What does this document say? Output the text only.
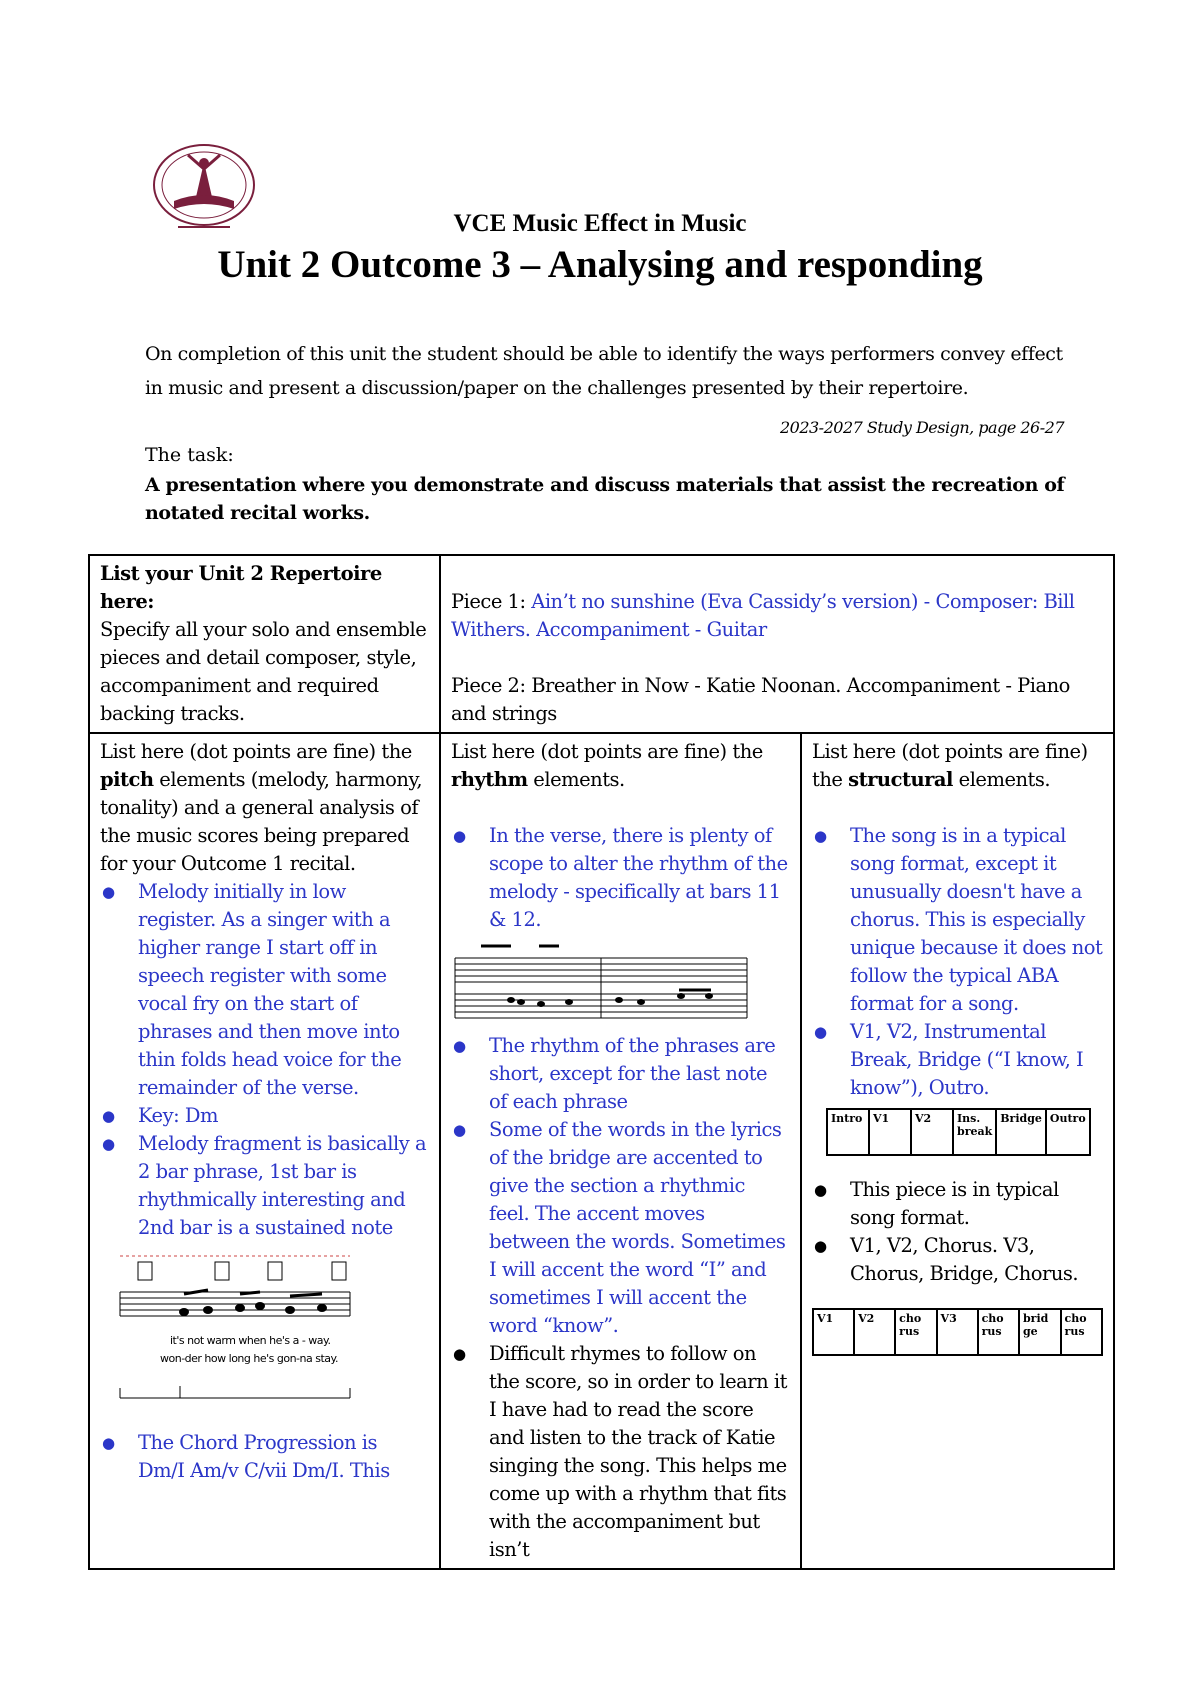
VCE Music Effect in Music
Unit 2 Outcome 3 – Analysing and responding
On completion of this unit the student should be able to identify the ways performers convey effect in music and present a discussion/paper on the challenges presented by their repertoire.
2023-2027 Study Design, page 26-27
The task:
A presentation where you demonstrate and discuss materials that assist the recreation of notated recital works.
List your Unit 2 Repertoire here:
Specify all your solo and ensemble pieces and detail composer, style, accompaniment and required backing tracks.	
Piece 1: Ain’t no sunshine (Eva Cassidy’s version) - Composer: Bill Withers. Accompaniment - Guitar
Piece 2: Breather in Now - Katie Noonan. Accompaniment - Piano and strings

List here (dot points are fine) the pitch elements (melody, harmony, tonality) and a general analysis of the music scores being prepared for your Outcome 1 recital.
● Melody initially in low register. As a singer with a higher range I start off in speech register with some vocal fry on the start of phrases and then move into thin folds head voice for the remainder of the verse.
● Key: Dm
● Melody fragment is basically a 2 bar phrase, 1st bar is rhythmically interesting and 2nd bar is a sustained note
it's not warm when he's a - way.
won-der how long he's gon-na stay.
● The Chord Progression is Dm/I Am/v C/vii Dm/I. This

List here (dot points are fine) the rhythm elements.
● In the verse, there is plenty of scope to alter the rhythm of the melody - specifically at bars 11 & 12.
● The rhythm of the phrases are short, except for the last note of each phrase
● Some of the words in the lyrics of the bridge are accented to give the section a rhythmic feel. The accent moves between the words. Sometimes I will accent the word “I” and sometimes I will accent the word “know”.
● Difficult rhymes to follow on the score, so in order to learn it I have had to read the score and listen to the track of Katie singing the song. This helps me come up with a rhythm that fits with the accompaniment but isn’t

List here (dot points are fine) the structural elements.
● The song is in a typical song format, except it unusually doesn't have a chorus. This is especially unique because it does not follow the typical ABA format for a song.
● V1, V2, Instrumental Break, Bridge (“I know, I know”), Outro.
Intro	V1	V2	Ins. break	Bridge	Outro
● This piece is in typical song format.
● V1, V2, Chorus. V3, Chorus, Bridge, Chorus.
V1	V2	cho rus	V3	cho rus	brid ge	cho rus
